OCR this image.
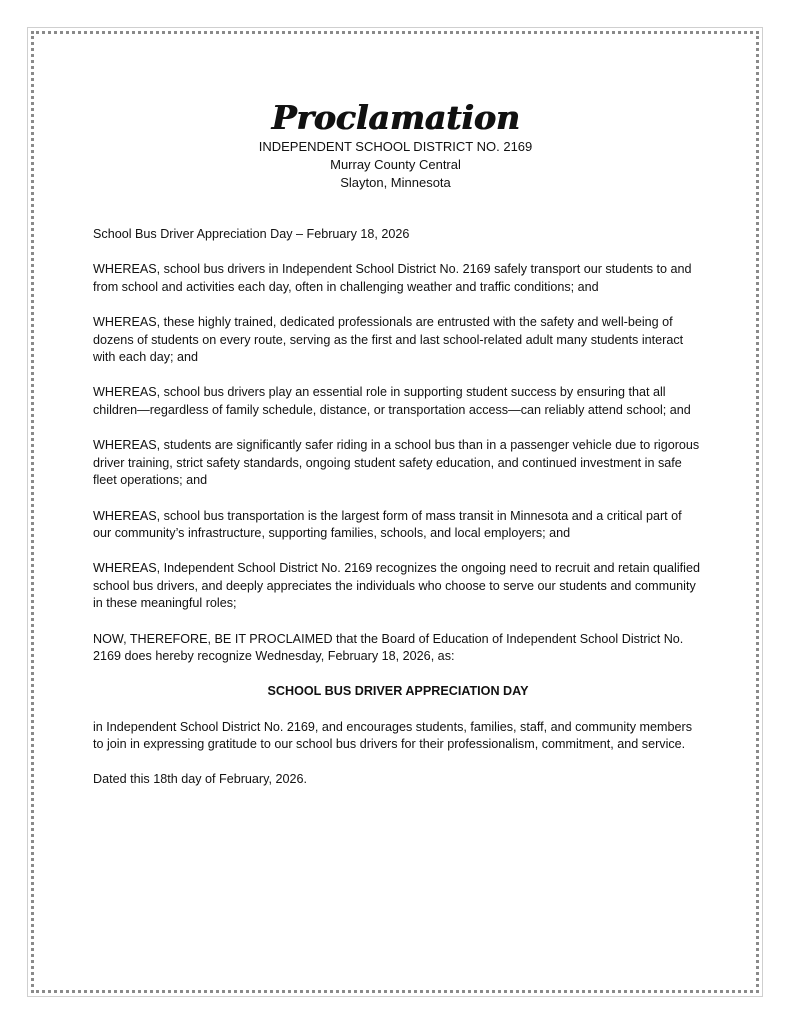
Proclamation

INDEPENDENT SCHOOL DISTRICT NO. 2169

Murray County Central

Slayton, Minnesota

School Bus Driver Appreciation Day – February 18, 2026

WHEREAS, school bus drivers in Independent School District No. 2169 safely transport our students to and from school and activities each day, often in challenging weather and traffic conditions; and

WHEREAS, these highly trained, dedicated professionals are entrusted with the safety and well-being of dozens of students on every route, serving as the first and last school-related adult many students interact with each day; and

WHEREAS, school bus drivers play an essential role in supporting student success by ensuring that all children—regardless of family schedule, distance, or transportation access—can reliably attend school; and

WHEREAS, students are significantly safer riding in a school bus than in a passenger vehicle due to rigorous driver training, strict safety standards, ongoing student safety education, and continued investment in safe fleet operations; and

WHEREAS, school bus transportation is the largest form of mass transit in Minnesota and a critical part of our community’s infrastructure, supporting families, schools, and local employers; and

WHEREAS, Independent School District No. 2169 recognizes the ongoing need to recruit and retain qualified school bus drivers, and deeply appreciates the individuals who choose to serve our students and community in these meaningful roles;

NOW, THEREFORE, BE IT PROCLAIMED that the Board of Education of Independent School District No. 2169 does hereby recognize Wednesday, February 18, 2026, as:

SCHOOL BUS DRIVER APPRECIATION DAY

in Independent School District No. 2169, and encourages students, families, staff, and community members to join in expressing gratitude to our school bus drivers for their professionalism, commitment, and service.

Dated this 18th day of February, 2026.
